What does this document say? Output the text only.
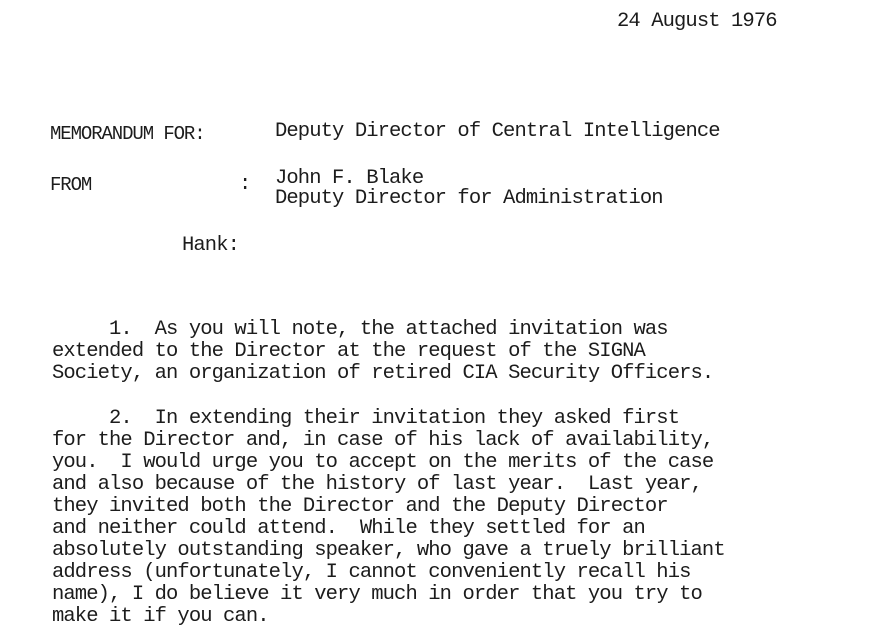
24 August 1976
MEMORANDUM FOR:	Deputy Director of Central Intelligence
FROM	: John F. Blake
Deputy Director for Administration
Hank:
1.  As you will note, the attached invitation was
extended to the Director at the request of the SIGNA
Society, an organization of retired CIA Security Officers.
2.  In extending their invitation they asked first
for the Director and, in case of his lack of availability,
you.  I would urge you to accept on the merits of the case
and also because of the history of last year.  Last year,
they invited both the Director and the Deputy Director
and neither could attend.  While they settled for an
absolutely outstanding speaker, who gave a truely brilliant
address (unfortunately, I cannot conveniently recall his
name), I do believe it very much in order that you try to
make it if you can.
